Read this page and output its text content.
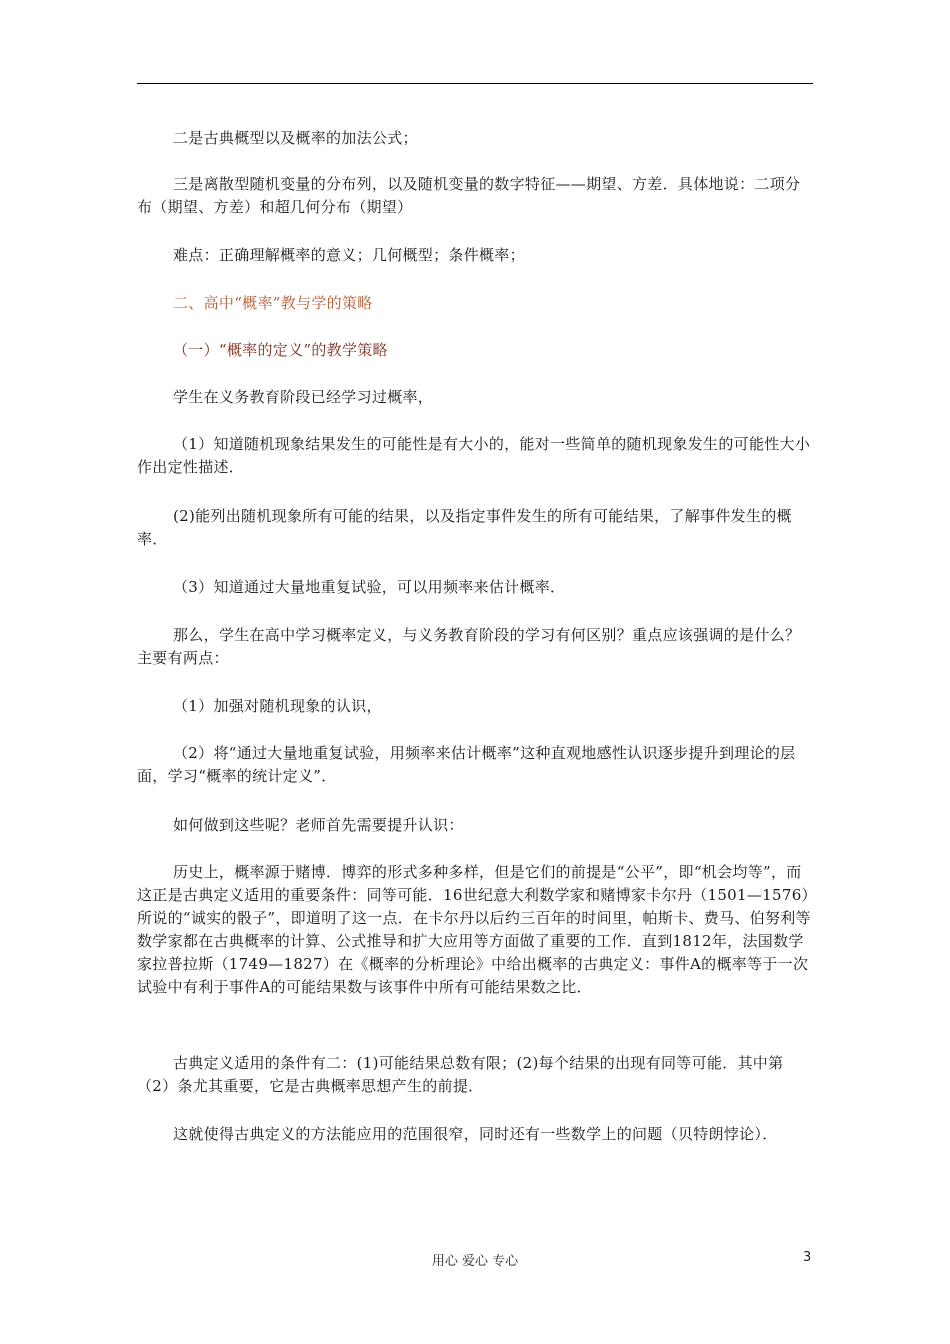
二是古典概型以及概率的加法公式；
三是离散型随机变量的分布列，以及随机变量的数字特征——期望、方差．具体地说：二项分布（期望、方差）和超几何分布（期望）
难点：正确理解概率的意义；几何概型；条件概率；
二、高中“概率”教与学的策略
（一）“概率的定义”的教学策略
学生在义务教育阶段已经学习过概率，
（1）知道随机现象结果发生的可能性是有大小的，能对一些简单的随机现象发生的可能性大小作出定性描述．
(2)能列出随机现象所有可能的结果，以及指定事件发生的所有可能结果，了解事件发生的概率．
（3）知道通过大量地重复试验，可以用频率来估计概率．
那么，学生在高中学习概率定义，与义务教育阶段的学习有何区别？重点应该强调的是什么？主要有两点：
（1）加强对随机现象的认识，
（2）将“通过大量地重复试验，用频率来估计概率”这种直观地感性认识逐步提升到理论的层面，学习“概率的统计定义”．
如何做到这些呢？老师首先需要提升认识：
历史上，概率源于赌博．博弈的形式多种多样，但是它们的前提是“公平”，即“机会均等”，而这正是古典定义适用的重要条件：同等可能．16世纪意大利数学家和赌博家卡尔丹（1501—1576）所说的“诚实的骰子”，即道明了这一点．在卡尔丹以后约三百年的时间里，帕斯卡、费马、伯努利等数学家都在古典概率的计算、公式推导和扩大应用等方面做了重要的工作．直到1812年，法国数学家拉普拉斯（1749—1827）在《概率的分析理论》中给出概率的古典定义：事件A的概率等于一次试验中有利于事件A的可能结果数与该事件中所有可能结果数之比．
古典定义适用的条件有二：(1)可能结果总数有限；(2)每个结果的出现有同等可能．其中第（2）条尤其重要，它是古典概率思想产生的前提．
这就使得古典定义的方法能应用的范围很窄，同时还有一些数学上的问题（贝特朗悖论）．
用心 爱心 专心	3
